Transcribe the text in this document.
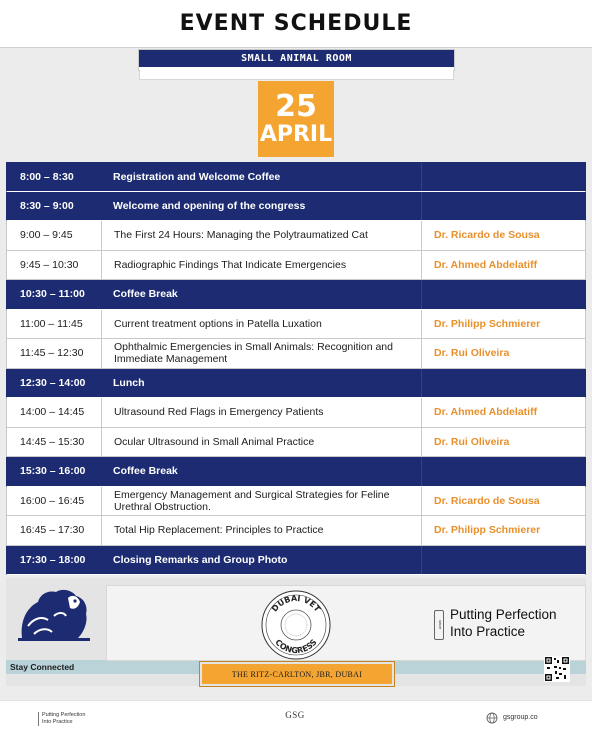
EVENT SCHEDULE
SMALL ANIMAL ROOM
25
APRIL
8:00 – 8:30	Registration and Welcome Coffee
8:30 – 9:00	Welcome and opening of the congress
9:00 – 9:45	The First 24 Hours: Managing the Polytraumatized Cat	Dr. Ricardo de Sousa
9:45 – 10:30	Radiographic Findings That Indicate Emergencies	Dr. Ahmed Abdelatiff
10:30 – 11:00	Coffee Break
11:00 – 11:45	Current treatment options in Patella Luxation	Dr. Philipp Schmierer
11:45 – 12:30	Ophthalmic Emergencies in Small Animals: Recognition and Immediate Management	Dr. Rui Oliveira
12:30 – 14:00	Lunch
14:00 – 14:45	Ultrasound Red Flags in Emergency Patients	Dr. Ahmed Abdelatiff
14:45 – 15:30	Ocular Ultrasound in Small Animal Practice	Dr. Rui Oliveira
15:30 – 16:00	Coffee Break
16:00 – 16:45	Emergency Management and Surgical Strategies for Feline Urethral Obstruction.	Dr. Ricardo de Sousa
16:45 – 17:30	Total Hip Replacement: Principles to Practice	Dr. Philipp Schmierer
17:30 – 18:00	Closing Remarks and Group Photo
Stay Connected
DUBAI VET
CONGRESS
since
Putting Perfection
Into Practice
THE RITZ-CARLTON, JBR, DUBAI
Putting Perfection
Into Practice
GSG	gsgroup.co
